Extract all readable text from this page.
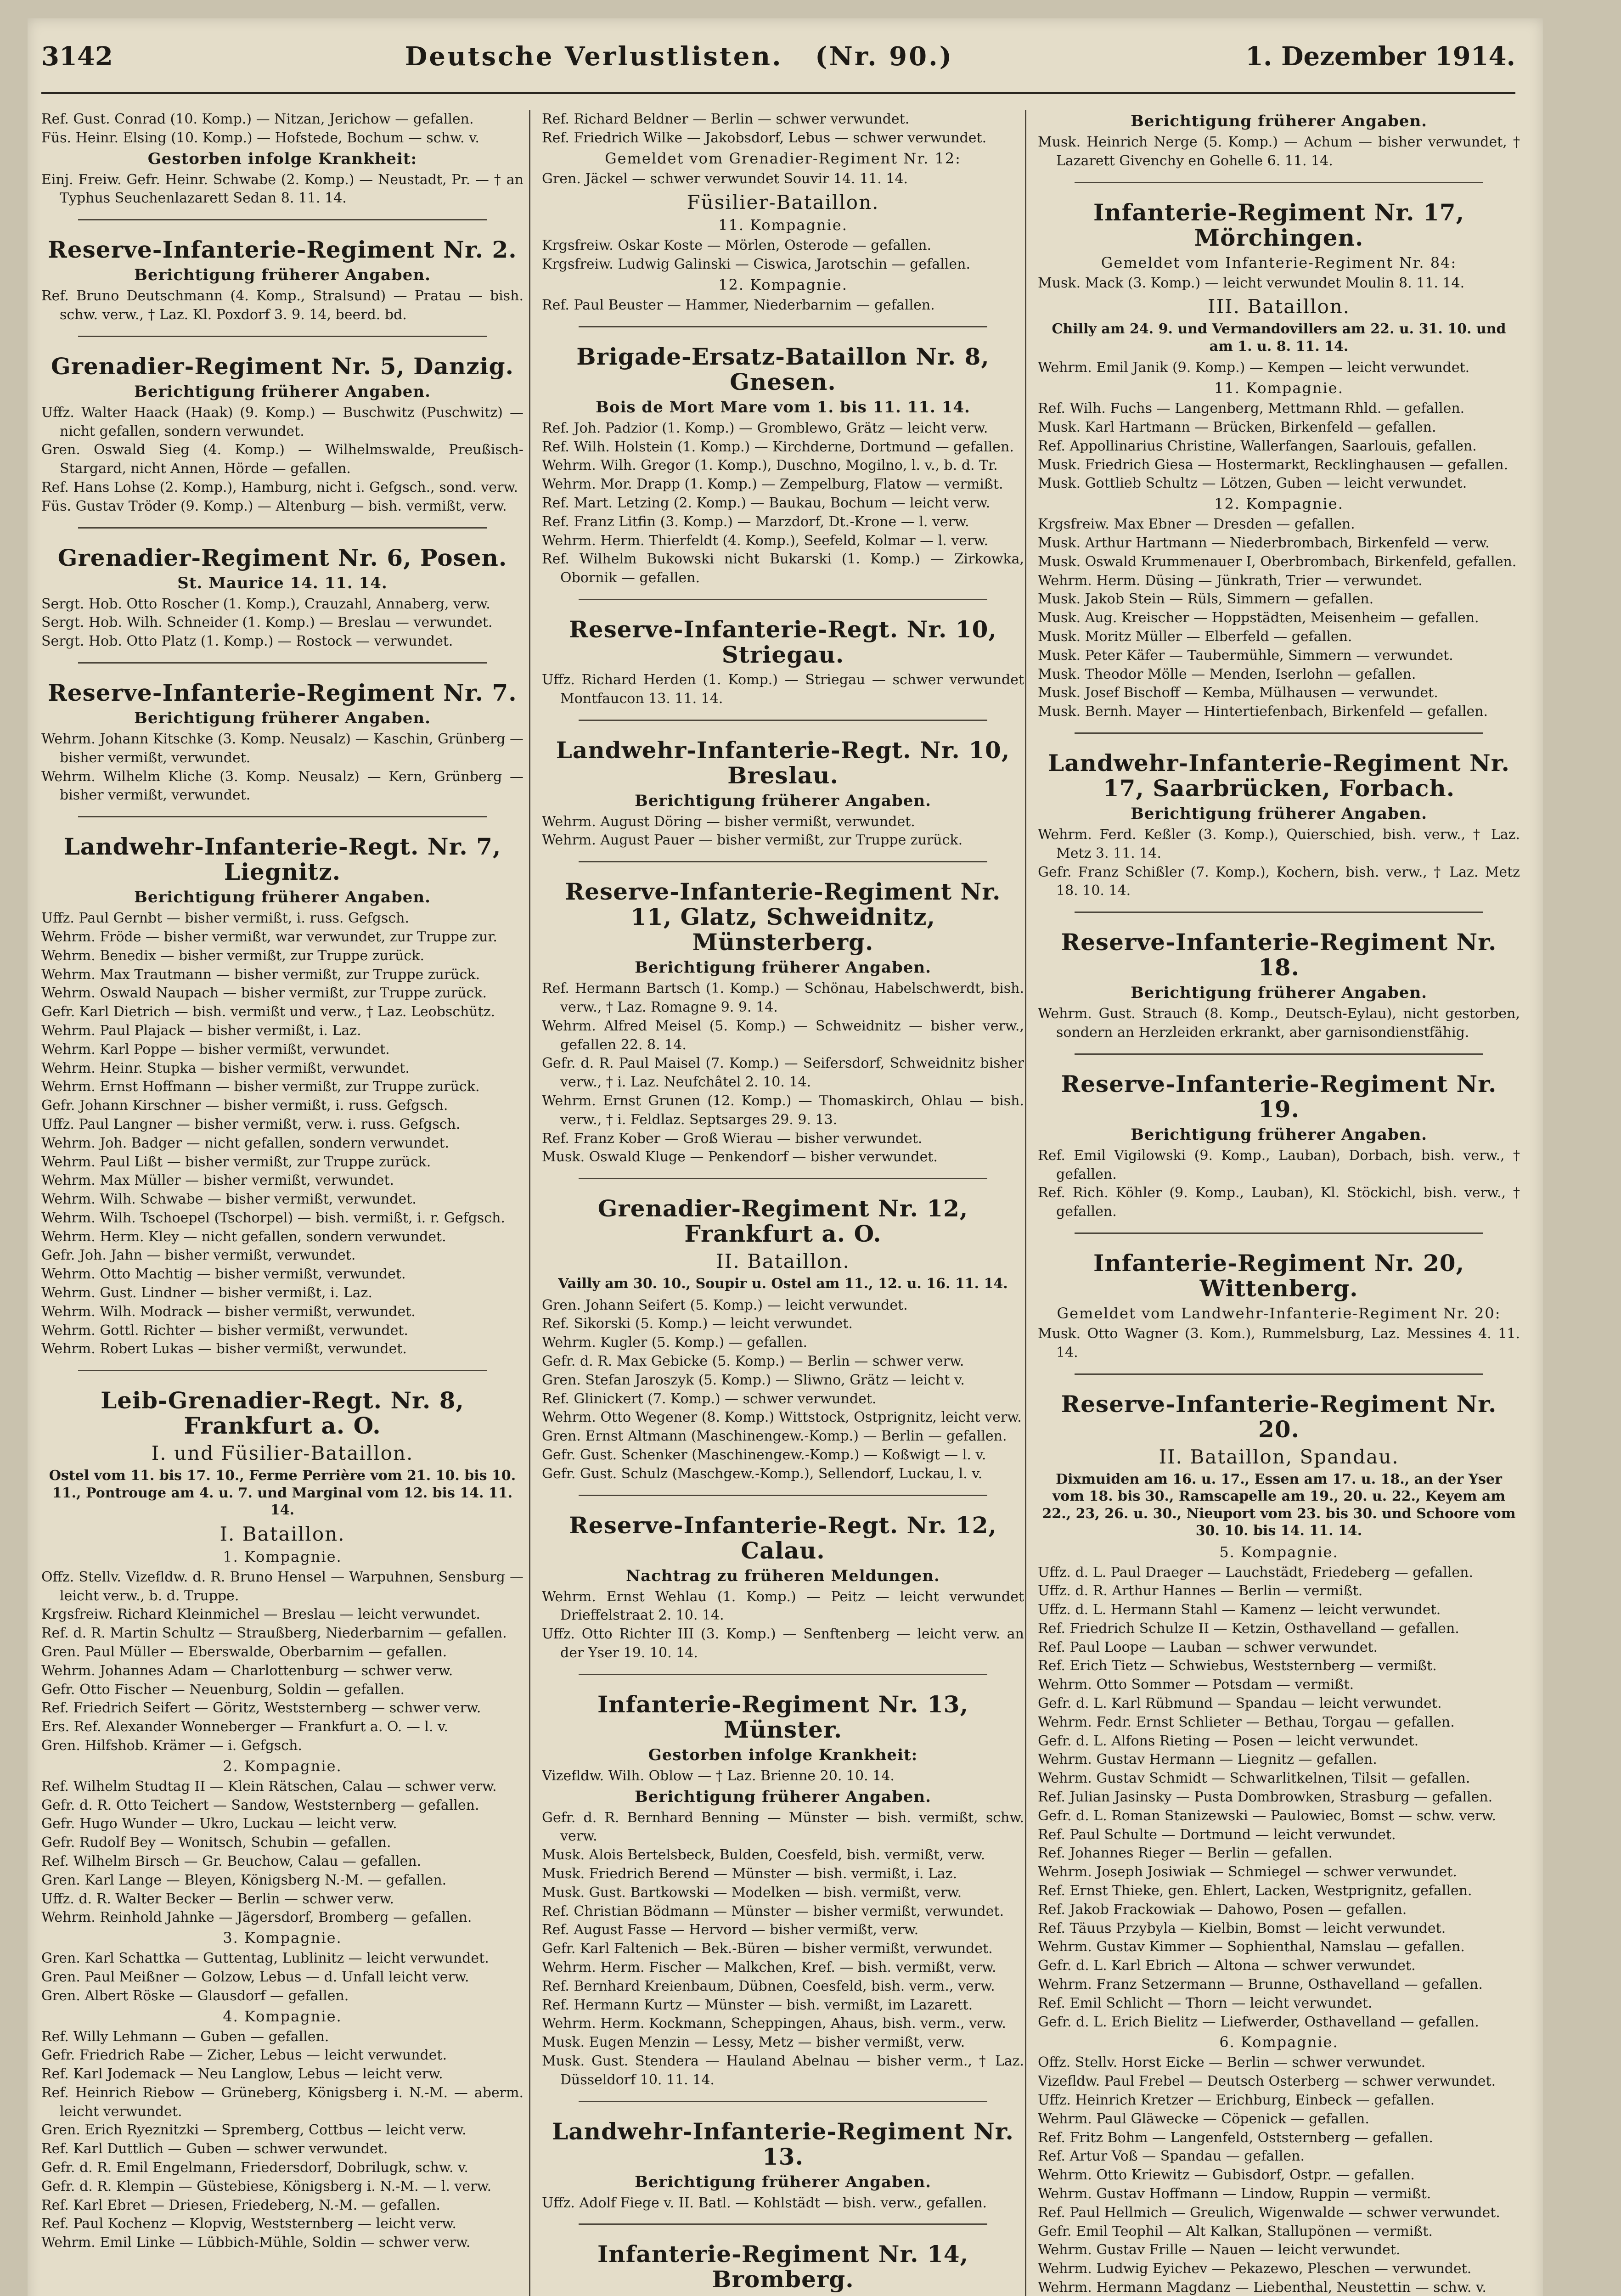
3142	Deutsche Verlustlisten. (Nr. 90.)	1. Dezember 1914.
Ref. Gust. Conrad (10. Komp.) — Nitzan, Jerichow — gefallen.
Füs. Heinr. Elsing (10. Komp.) — Hofstede, Bochum — schw. v.
Gestorben infolge Krankheit:
Einj. Freiw. Gefr. Heinr. Schwabe (2. Komp.) — Neustadt, Pr. — † an Typhus Seuchenlazarett Sedan 8. 11. 14.
Reserve-Infanterie-Regiment Nr. 2.
Berichtigung früherer Angaben.
Ref. Bruno Deutschmann (4. Komp., Stralsund) — Pratau — bish. schw. verw., † Laz. Kl. Poxdorf 3. 9. 14, beerd. bd.
Grenadier-Regiment Nr. 5, Danzig.
Berichtigung früherer Angaben.
Uffz. Walter Haack (Haak) (9. Komp.) — Buschwitz (Puschwitz) — nicht gefallen, sondern verwundet.
Gren. Oswald Sieg (4. Komp.) — Wilhelmswalde, Preußisch-Stargard, nicht Annen, Hörde — gefallen.
Ref. Hans Lohse (2. Komp.), Hamburg, nicht i. Gefgsch., sond. verw.
Füs. Gustav Tröder (9. Komp.) — Altenburg — bish. vermißt, verw.
Grenadier-Regiment Nr. 6, Posen.
St. Maurice 14. 11. 14.
Sergt. Hob. Otto Roscher (1. Komp.), Crauzahl, Annaberg, verw.
Sergt. Hob. Wilh. Schneider (1. Komp.) — Breslau — verwundet.
Sergt. Hob. Otto Platz (1. Komp.) — Rostock — verwundet.
Reserve-Infanterie-Regiment Nr. 7.
Berichtigung früherer Angaben.
Wehrm. Johann Kitschke (3. Komp. Neusalz) — Kaschin, Grünberg — bisher vermißt, verwundet.
Wehrm. Wilhelm Kliche (3. Komp. Neusalz) — Kern, Grünberg — bisher vermißt, verwundet.
Landwehr-Infanterie-Regt. Nr. 7, Liegnitz.
Berichtigung früherer Angaben.
Uffz. Paul Gernbt — bisher vermißt, i. russ. Gefgsch.
Wehrm. Fröde — bisher vermißt, war verwundet, zur Truppe zur.
Wehrm. Benedix — bisher vermißt, zur Truppe zurück.
Wehrm. Max Trautmann — bisher vermißt, zur Truppe zurück.
Wehrm. Oswald Naupach — bisher vermißt, zur Truppe zurück.
Gefr. Karl Dietrich — bish. vermißt und verw., † Laz. Leobschütz.
Wehrm. Paul Plajack — bisher vermißt, i. Laz.
Wehrm. Karl Poppe — bisher vermißt, verwundet.
Wehrm. Heinr. Stupka — bisher vermißt, verwundet.
Wehrm. Ernst Hoffmann — bisher vermißt, zur Truppe zurück.
Gefr. Johann Kirschner — bisher vermißt, i. russ. Gefgsch.
Uffz. Paul Langner — bisher vermißt, verw. i. russ. Gefgsch.
Wehrm. Joh. Badger — nicht gefallen, sondern verwundet.
Wehrm. Paul Lißt — bisher vermißt, zur Truppe zurück.
Wehrm. Max Müller — bisher vermißt, verwundet.
Wehrm. Wilh. Schwabe — bisher vermißt, verwundet.
Wehrm. Wilh. Tschoepel (Tschorpel) — bish. vermißt, i. r. Gefgsch.
Wehrm. Herm. Kley — nicht gefallen, sondern verwundet.
Gefr. Joh. Jahn — bisher vermißt, verwundet.
Wehrm. Otto Machtig — bisher vermißt, verwundet.
Wehrm. Gust. Lindner — bisher vermißt, i. Laz.
Wehrm. Wilh. Modrack — bisher vermißt, verwundet.
Wehrm. Gottl. Richter — bisher vermißt, verwundet.
Wehrm. Robert Lukas — bisher vermißt, verwundet.
Leib-Grenadier-Regt. Nr. 8, Frankfurt a. O.
I. und Füsilier-Bataillon.
Ostel vom 11. bis 17. 10., Ferme Perrière vom 21. 10. bis 10. 11., Pontrouge am 4. u. 7. und Marginal vom 12. bis 14. 11. 14.
I. Bataillon.
1. Kompagnie.
Offz. Stellv. Vizefldw. d. R. Bruno Hensel — Warpuhnen, Sensburg — leicht verw., b. d. Truppe.
Krgsfreiw. Richard Kleinmichel — Breslau — leicht verwundet.
Ref. d. R. Martin Schultz — Straußberg, Niederbarnim — gefallen.
Gren. Paul Müller — Eberswalde, Oberbarnim — gefallen.
Wehrm. Johannes Adam — Charlottenburg — schwer verw.
Gefr. Otto Fischer — Neuenburg, Soldin — gefallen.
Ref. Friedrich Seifert — Göritz, Weststernberg — schwer verw.
Ers. Ref. Alexander Wonneberger — Frankfurt a. O. — l. v.
Gren. Hilfshob. Krämer — i. Gefgsch.
2. Kompagnie.
Ref. Wilhelm Studtag II — Klein Rätschen, Calau — schwer verw.
Gefr. d. R. Otto Teichert — Sandow, Weststernberg — gefallen.
Gefr. Hugo Wunder — Ukro, Luckau — leicht verw.
Gefr. Rudolf Bey — Wonitsch, Schubin — gefallen.
Ref. Wilhelm Birsch — Gr. Beuchow, Calau — gefallen.
Gren. Karl Lange — Bleyen, Königsberg N.-M. — gefallen.
Uffz. d. R. Walter Becker — Berlin — schwer verw.
Wehrm. Reinhold Jahnke — Jägersdorf, Bromberg — gefallen.
3. Kompagnie.
Gren. Karl Schattka — Guttentag, Lublinitz — leicht verwundet.
Gren. Paul Meißner — Golzow, Lebus — d. Unfall leicht verw.
Gren. Albert Röske — Glausdorf — gefallen.
4. Kompagnie.
Ref. Willy Lehmann — Guben — gefallen.
Gefr. Friedrich Rabe — Zicher, Lebus — leicht verwundet.
Ref. Karl Jodemack — Neu Langlow, Lebus — leicht verw.
Ref. Heinrich Riebow — Grüneberg, Königsberg i. N.-M. — aberm. leicht verwundet.
Gren. Erich Ryeznitzki — Spremberg, Cottbus — leicht verw.
Ref. Karl Duttlich — Guben — schwer verwundet.
Gefr. d. R. Emil Engelmann, Friedersdorf, Dobrilugk, schw. v.
Gefr. d. R. Klempin — Güstebiese, Königsberg i. N.-M. — l. verw.
Ref. Karl Ebret — Driesen, Friedeberg, N.-M. — gefallen.
Ref. Paul Kochenz — Klopvig, Weststernberg — leicht verw.
Wehrm. Emil Linke — Lübbich-Mühle, Soldin — schwer verw.
Ref. Richard Beldner — Berlin — schwer verwundet.
Ref. Friedrich Wilke — Jakobsdorf, Lebus — schwer verwundet.
Gemeldet vom Grenadier-Regiment Nr. 12:
Gren. Jäckel — schwer verwundet Souvir 14. 11. 14.
Füsilier-Bataillon.
11. Kompagnie.
Krgsfreiw. Oskar Koste — Mörlen, Osterode — gefallen.
Krgsfreiw. Ludwig Galinski — Ciswica, Jarotschin — gefallen.
12. Kompagnie.
Ref. Paul Beuster — Hammer, Niederbarnim — gefallen.
Brigade-Ersatz-Bataillon Nr. 8, Gnesen.
Bois de Mort Mare vom 1. bis 11. 11. 14.
Ref. Joh. Padzior (1. Komp.) — Gromblewo, Grätz — leicht verw.
Ref. Wilh. Holstein (1. Komp.) — Kirchderne, Dortmund — gefallen.
Wehrm. Wilh. Gregor (1. Komp.), Duschno, Mogilno, l. v., b. d. Tr.
Wehrm. Mor. Drapp (1. Komp.) — Zempelburg, Flatow — vermißt.
Ref. Mart. Letzing (2. Komp.) — Baukau, Bochum — leicht verw.
Ref. Franz Litfin (3. Komp.) — Marzdorf, Dt.-Krone — l. verw.
Wehrm. Herm. Thierfeldt (4. Komp.), Seefeld, Kolmar — l. verw.
Ref. Wilhelm Bukowski nicht Bukarski (1. Komp.) — Zirkowka, Obornik — gefallen.
Reserve-Infanterie-Regt. Nr. 10, Striegau.
Uffz. Richard Herden (1. Komp.) — Striegau — schwer verwundet Montfaucon 13. 11. 14.
Landwehr-Infanterie-Regt. Nr. 10, Breslau.
Berichtigung früherer Angaben.
Wehrm. August Döring — bisher vermißt, verwundet.
Wehrm. August Pauer — bisher vermißt, zur Truppe zurück.
Reserve-Infanterie-Regiment Nr. 11, Glatz, Schweidnitz, Münsterberg.
Berichtigung früherer Angaben.
Ref. Hermann Bartsch (1. Komp.) — Schönau, Habelschwerdt, bish. verw., † Laz. Romagne 9. 9. 14.
Wehrm. Alfred Meisel (5. Komp.) — Schweidnitz — bisher verw., gefallen 22. 8. 14.
Gefr. d. R. Paul Maisel (7. Komp.) — Seifersdorf, Schweidnitz bisher verw., † i. Laz. Neufchâtel 2. 10. 14.
Wehrm. Ernst Grunen (12. Komp.) — Thomaskirch, Ohlau — bish. verw., † i. Feldlaz. Septsarges 29. 9. 13.
Ref. Franz Kober — Groß Wierau — bisher verwundet.
Musk. Oswald Kluge — Penkendorf — bisher verwundet.
Grenadier-Regiment Nr. 12, Frankfurt a. O.
II. Bataillon.
Vailly am 30. 10., Soupir u. Ostel am 11., 12. u. 16. 11. 14.
Gren. Johann Seifert (5. Komp.) — leicht verwundet.
Ref. Sikorski (5. Komp.) — leicht verwundet.
Wehrm. Kugler (5. Komp.) — gefallen.
Gefr. d. R. Max Gebicke (5. Komp.) — Berlin — schwer verw.
Gren. Stefan Jaroszyk (5. Komp.) — Sliwno, Grätz — leicht v.
Ref. Glinickert (7. Komp.) — schwer verwundet.
Wehrm. Otto Wegener (8. Komp.) Wittstock, Ostprignitz, leicht verw.
Gren. Ernst Altmann (Maschinengew.-Komp.) — Berlin — gefallen.
Gefr. Gust. Schenker (Maschinengew.-Komp.) — Koßwigt — l. v.
Gefr. Gust. Schulz (Maschgew.-Komp.), Sellendorf, Luckau, l. v.
Reserve-Infanterie-Regt. Nr. 12, Calau.
Nachtrag zu früheren Meldungen.
Wehrm. Ernst Wehlau (1. Komp.) — Peitz — leicht verwundet Drieffelstraat 2. 10. 14.
Uffz. Otto Richter III (3. Komp.) — Senftenberg — leicht verw. an der Yser 19. 10. 14.
Infanterie-Regiment Nr. 13, Münster.
Gestorben infolge Krankheit:
Vizefldw. Wilh. Oblow — † Laz. Brienne 20. 10. 14.
Berichtigung früherer Angaben.
Gefr. d. R. Bernhard Benning — Münster — bish. vermißt, schw. verw.
Musk. Alois Bertelsbeck, Bulden, Coesfeld, bish. vermißt, verw.
Musk. Friedrich Berend — Münster — bish. vermißt, i. Laz.
Musk. Gust. Bartkowski — Modelken — bish. vermißt, verw.
Ref. Christian Bödmann — Münster — bisher vermißt, verwundet.
Ref. August Fasse — Hervord — bisher vermißt, verw.
Gefr. Karl Faltenich — Bek.-Büren — bisher vermißt, verwundet.
Wehrm. Herm. Fischer — Malkchen, Kref. — bish. vermißt, verw.
Ref. Bernhard Kreienbaum, Dübnen, Coesfeld, bish. verm., verw.
Ref. Hermann Kurtz — Münster — bish. vermißt, im Lazarett.
Wehrm. Herm. Kockmann, Scheppingen, Ahaus, bish. verm., verw.
Musk. Eugen Menzin — Lessy, Metz — bisher vermißt, verw.
Musk. Gust. Stendera — Hauland Abelnau — bisher verm., † Laz. Düsseldorf 10. 11. 14.
Landwehr-Infanterie-Regiment Nr. 13.
Berichtigung früherer Angaben.
Uffz. Adolf Fiege v. II. Batl. — Kohlstädt — bish. verw., gefallen.
Infanterie-Regiment Nr. 14, Bromberg.
Berichtigung früherer Angaben.
Musk. Heinrich Nerge (5. Komp.) — Achum — bisher verwundet, † Lazarett Givenchy en Gohelle 6. 11. 14.
Infanterie-Regiment Nr. 17, Mörchingen.
Gemeldet vom Infanterie-Regiment Nr. 84:
Musk. Mack (3. Komp.) — leicht verwundet Moulin 8. 11. 14.
III. Bataillon.
Chilly am 24. 9. und Vermandovillers am 22. u. 31. 10. und am 1. u. 8. 11. 14.
Wehrm. Emil Janik (9. Komp.) — Kempen — leicht verwundet.
11. Kompagnie.
Ref. Wilh. Fuchs — Langenberg, Mettmann Rhld. — gefallen.
Musk. Karl Hartmann — Brücken, Birkenfeld — gefallen.
Ref. Appollinarius Christine, Wallerfangen, Saarlouis, gefallen.
Musk. Friedrich Giesa — Hostermarkt, Recklinghausen — gefallen.
Musk. Gottlieb Schultz — Lötzen, Guben — leicht verwundet.
12. Kompagnie.
Krgsfreiw. Max Ebner — Dresden — gefallen.
Musk. Arthur Hartmann — Niederbrombach, Birkenfeld — verw.
Musk. Oswald Krummenauer I, Oberbrombach, Birkenfeld, gefallen.
Wehrm. Herm. Düsing — Jünkrath, Trier — verwundet.
Musk. Jakob Stein — Rüls, Simmern — gefallen.
Musk. Aug. Kreischer — Hoppstädten, Meisenheim — gefallen.
Musk. Moritz Müller — Elberfeld — gefallen.
Musk. Peter Käfer — Taubermühle, Simmern — verwundet.
Musk. Theodor Mölle — Menden, Iserlohn — gefallen.
Musk. Josef Bischoff — Kemba, Mülhausen — verwundet.
Musk. Bernh. Mayer — Hintertiefenbach, Birkenfeld — gefallen.
Landwehr-Infanterie-Regiment Nr. 17, Saarbrücken, Forbach.
Berichtigung früherer Angaben.
Wehrm. Ferd. Keßler (3. Komp.), Quierschied, bish. verw., † Laz. Metz 3. 11. 14.
Gefr. Franz Schißler (7. Komp.), Kochern, bish. verw., † Laz. Metz 18. 10. 14.
Reserve-Infanterie-Regiment Nr. 18.
Berichtigung früherer Angaben.
Wehrm. Gust. Strauch (8. Komp., Deutsch-Eylau), nicht gestorben, sondern an Herzleiden erkrankt, aber garnisondienstfähig.
Reserve-Infanterie-Regiment Nr. 19.
Berichtigung früherer Angaben.
Ref. Emil Vigilowski (9. Komp., Lauban), Dorbach, bish. verw., † gefallen.
Ref. Rich. Köhler (9. Komp., Lauban), Kl. Stöckichl, bish. verw., † gefallen.
Infanterie-Regiment Nr. 20, Wittenberg.
Gemeldet vom Landwehr-Infanterie-Regiment Nr. 20:
Musk. Otto Wagner (3. Kom.), Rummelsburg, Laz. Messines 4. 11. 14.
Reserve-Infanterie-Regiment Nr. 20.
II. Bataillon, Spandau.
Dixmuiden am 16. u. 17., Essen am 17. u. 18., an der Yser vom 18. bis 30., Ramscapelle am 19., 20. u. 22., Keyem am 22., 23, 26. u. 30., Nieuport vom 23. bis 30. und Schoore vom 30. 10. bis 14. 11. 14.
5. Kompagnie.
Uffz. d. L. Paul Draeger — Lauchstädt, Friedeberg — gefallen.
Uffz. d. R. Arthur Hannes — Berlin — vermißt.
Uffz. d. L. Hermann Stahl — Kamenz — leicht verwundet.
Ref. Friedrich Schulze II — Ketzin, Osthavelland — gefallen.
Ref. Paul Loope — Lauban — schwer verwundet.
Ref. Erich Tietz — Schwiebus, Weststernberg — vermißt.
Wehrm. Otto Sommer — Potsdam — vermißt.
Gefr. d. L. Karl Rübmund — Spandau — leicht verwundet.
Wehrm. Fedr. Ernst Schlieter — Bethau, Torgau — gefallen.
Gefr. d. L. Alfons Rieting — Posen — leicht verwundet.
Wehrm. Gustav Hermann — Liegnitz — gefallen.
Wehrm. Gustav Schmidt — Schwarlitkelnen, Tilsit — gefallen.
Ref. Julian Jasinsky — Pusta Dombrowken, Strasburg — gefallen.
Gefr. d. L. Roman Stanizewski — Paulowiec, Bomst — schw. verw.
Ref. Paul Schulte — Dortmund — leicht verwundet.
Ref. Johannes Rieger — Berlin — gefallen.
Wehrm. Joseph Josiwiak — Schmiegel — schwer verwundet.
Ref. Ernst Thieke, gen. Ehlert, Lacken, Westprignitz, gefallen.
Ref. Jakob Frackowiak — Dahowo, Posen — gefallen.
Ref. Täuus Przybyla — Kielbin, Bomst — leicht verwundet.
Wehrm. Gustav Kimmer — Sophienthal, Namslau — gefallen.
Gefr. d. L. Karl Ebrich — Altona — schwer verwundet.
Wehrm. Franz Setzermann — Brunne, Osthavelland — gefallen.
Ref. Emil Schlicht — Thorn — leicht verwundet.
Gefr. d. L. Erich Bielitz — Liefwerder, Osthavelland — gefallen.
6. Kompagnie.
Offz. Stellv. Horst Eicke — Berlin — schwer verwundet.
Vizefldw. Paul Frebel — Deutsch Osterberg — schwer verwundet.
Uffz. Heinrich Kretzer — Erichburg, Einbeck — gefallen.
Wehrm. Paul Gläwecke — Cöpenick — gefallen.
Ref. Fritz Bohm — Langenfeld, Oststernberg — gefallen.
Ref. Artur Voß — Spandau — gefallen.
Wehrm. Otto Kriewitz — Gubisdorf, Ostpr. — gefallen.
Wehrm. Gustav Hoffmann — Lindow, Ruppin — vermißt.
Ref. Paul Hellmich — Greulich, Wigenwalde — schwer verwundet.
Gefr. Emil Teophil — Alt Kalkan, Stallupönen — vermißt.
Wehrm. Gustav Frille — Nauen — leicht verwundet.
Wehrm. Ludwig Eyichev — Pekazewo, Pleschen — verwundet.
Wehrm. Hermann Magdanz — Liebenthal, Neustettin — schw. v.
